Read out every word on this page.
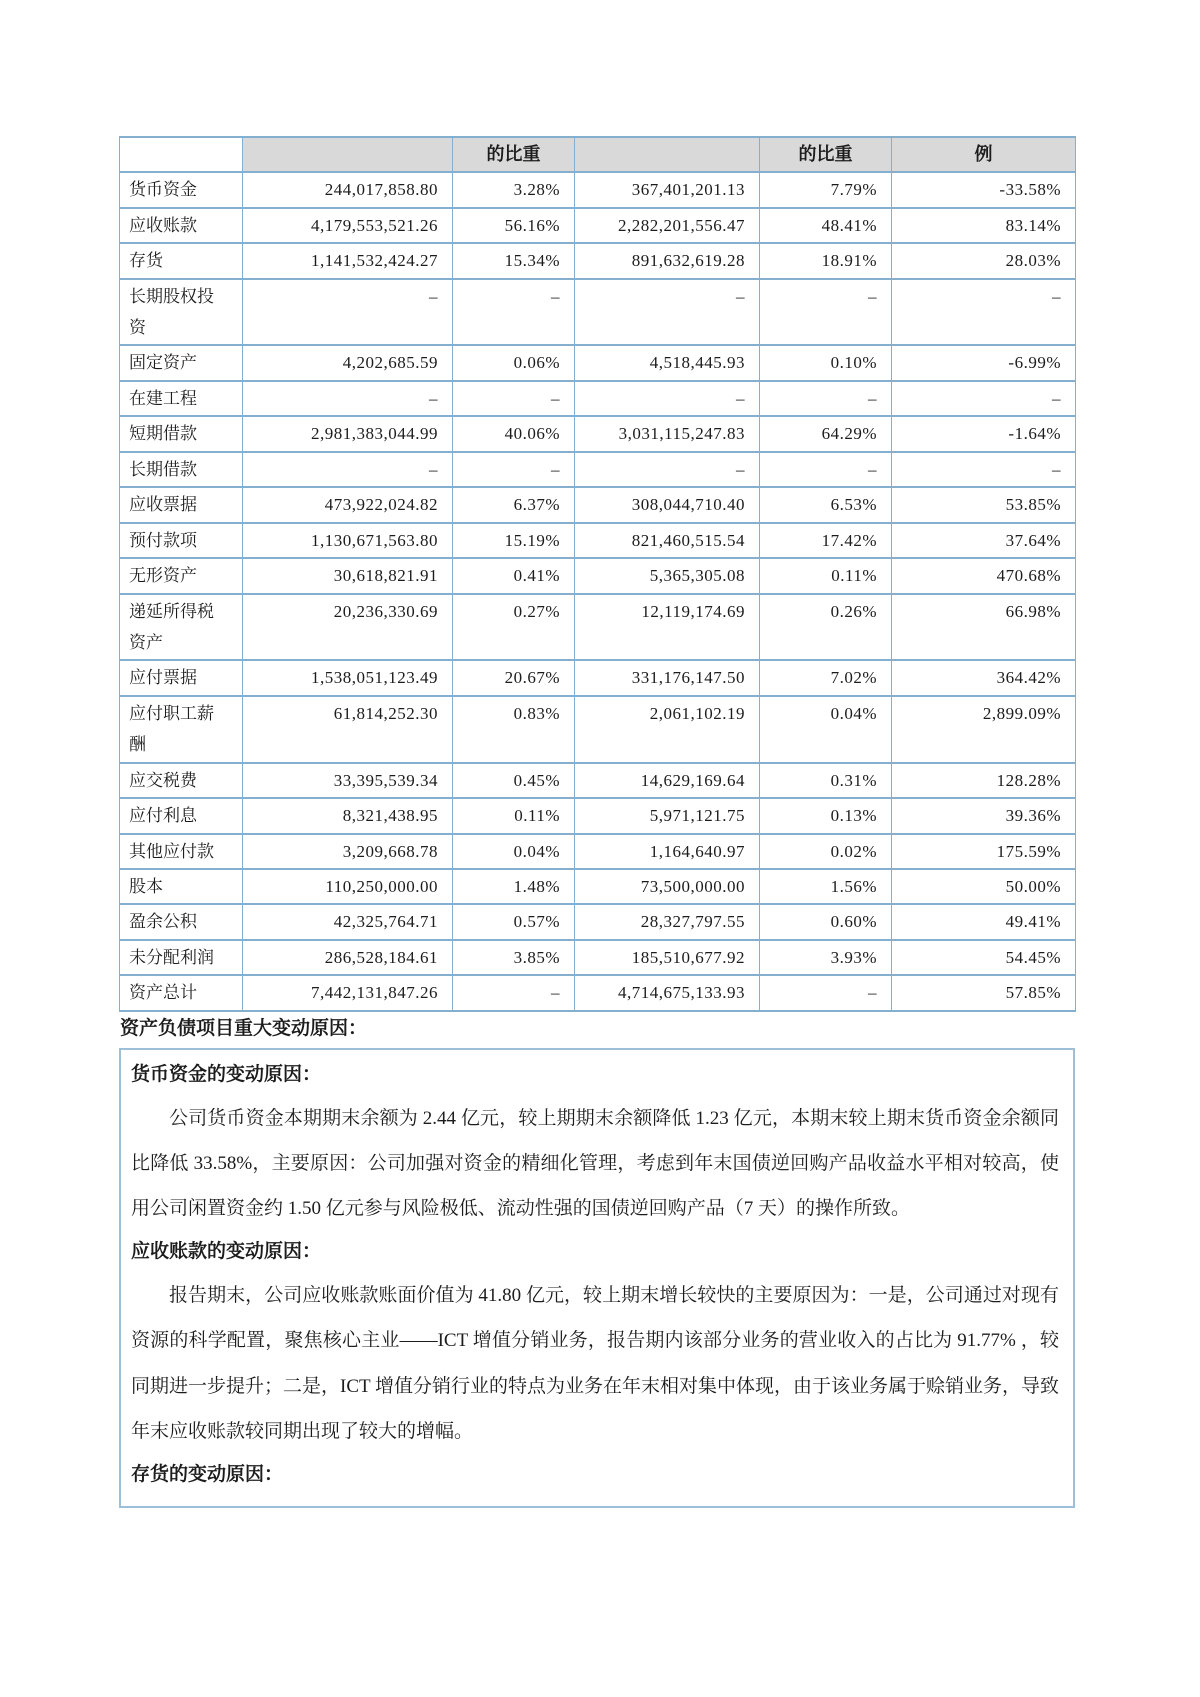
		的比重		的比重	例
货币资金	244,017,858.80	3.28%	367,401,201.13	7.79%	-33.58%
应收账款	4,179,553,521.26	56.16%	2,282,201,556.47	48.41%	83.14%
存货	1,141,532,424.27	15.34%	891,632,619.28	18.91%	28.03%
长期股权投资	–	–	–	–	–
固定资产	4,202,685.59	0.06%	4,518,445.93	0.10%	-6.99%
在建工程	–	–	–	–	–
短期借款	2,981,383,044.99	40.06%	3,031,115,247.83	64.29%	-1.64%
长期借款	–	–	–	–	–
应收票据	473,922,024.82	6.37%	308,044,710.40	6.53%	53.85%
预付款项	1,130,671,563.80	15.19%	821,460,515.54	17.42%	37.64%
无形资产	30,618,821.91	0.41%	5,365,305.08	0.11%	470.68%
递延所得税资产	20,236,330.69	0.27%	12,119,174.69	0.26%	66.98%
应付票据	1,538,051,123.49	20.67%	331,176,147.50	7.02%	364.42%
应付职工薪酬	61,814,252.30	0.83%	2,061,102.19	0.04%	2,899.09%
应交税费	33,395,539.34	0.45%	14,629,169.64	0.31%	128.28%
应付利息	8,321,438.95	0.11%	5,971,121.75	0.13%	39.36%
其他应付款	3,209,668.78	0.04%	1,164,640.97	0.02%	175.59%
股本	110,250,000.00	1.48%	73,500,000.00	1.56%	50.00%
盈余公积	42,325,764.71	0.57%	28,327,797.55	0.60%	49.41%
未分配利润	286,528,184.61	3.85%	185,510,677.92	3.93%	54.45%
资产总计	7,442,131,847.26	–	4,714,675,133.93	–	57.85%
资产负债项目重大变动原因：
货币资金的变动原因：
公司货币资金本期期末余额为 2.44 亿元，较上期期末余额降低 1.23 亿元，本期末较上期末货币资金余额同比降低 33.58%，主要原因：公司加强对资金的精细化管理，考虑到年末国债逆回购产品收益水平相对较高，使用公司闲置资金约 1.50 亿元参与风险极低、流动性强的国债逆回购产品（7 天）的操作所致。
应收账款的变动原因：
报告期末，公司应收账款账面价值为 41.80 亿元，较上期末增长较快的主要原因为：一是，公司通过对现有资源的科学配置，聚焦核心主业——ICT 增值分销业务，报告期内该部分业务的营业收入的占比为 91.77% ，较同期进一步提升；二是，ICT 增值分销行业的特点为业务在年末相对集中体现，由于该业务属于赊销业务，导致年末应收账款较同期出现了较大的增幅。
存货的变动原因：
